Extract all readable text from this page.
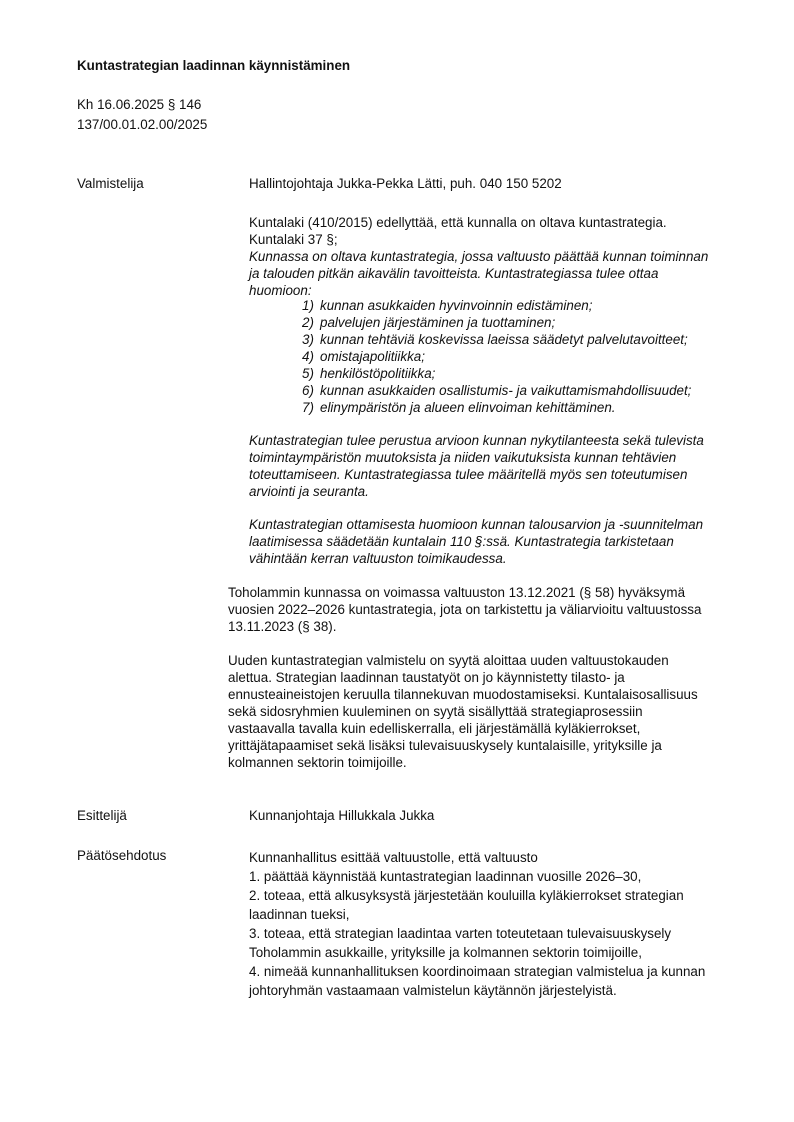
Kuntastrategian laadinnan käynnistäminen
Kh 16.06.2025 § 146
137/00.01.02.00/2025
Valmistelija	Hallintojohtaja Jukka-Pekka Lätti, puh. 040 150 5202
Kuntalaki (410/2015) edellyttää, että kunnalla on oltava kuntastrategia.
Kuntalaki 37 §;
Kunnassa on oltava kuntastrategia, jossa valtuusto päättää kunnan toiminnan
ja talouden pitkän aikavälin tavoitteista. Kuntastrategiassa tulee ottaa
huomioon:
1) kunnan asukkaiden hyvinvoinnin edistäminen;
2) palvelujen järjestäminen ja tuottaminen;
3) kunnan tehtäviä koskevissa laeissa säädetyt palvelutavoitteet;
4) omistajapolitiikka;
5) henkilöstöpolitiikka;
6) kunnan asukkaiden osallistumis- ja vaikuttamismahdollisuudet;
7) elinympäristön ja alueen elinvoiman kehittäminen.
Kuntastrategian tulee perustua arvioon kunnan nykytilanteesta sekä tulevista
toimintaympäristön muutoksista ja niiden vaikutuksista kunnan tehtävien
toteuttamiseen. Kuntastrategiassa tulee määritellä myös sen toteutumisen
arviointi ja seuranta.
Kuntastrategian ottamisesta huomioon kunnan talousarvion ja -suunnitelman
laatimisessa säädetään kuntalain 110 §:ssä. Kuntastrategia tarkistetaan
vähintään kerran valtuuston toimikaudessa.
Toholammin kunnassa on voimassa valtuuston 13.12.2021 (§ 58) hyväksymä
vuosien 2022–2026 kuntastrategia, jota on tarkistettu ja väliarvioitu valtuustossa
13.11.2023 (§ 38).
Uuden kuntastrategian valmistelu on syytä aloittaa uuden valtuustokauden
alettua. Strategian laadinnan taustatyöt on jo käynnistetty tilasto- ja
ennusteaineistojen keruulla tilannekuvan muodostamiseksi. Kuntalaisosallisuus
sekä sidosryhmien kuuleminen on syytä sisällyttää strategiaprosessiin
vastaavalla tavalla kuin edelliskerralla, eli järjestämällä kyläkierrokset,
yrittäjätapaamiset sekä lisäksi tulevaisuuskysely kuntalaisille, yrityksille ja
kolmannen sektorin toimijoille.
Esittelijä	Kunnanjohtaja Hillukkala Jukka
Päätösehdotus	Kunnanhallitus esittää valtuustolle, että valtuusto
1. päättää käynnistää kuntastrategian laadinnan vuosille 2026–30,
2. toteaa, että alkusyksystä järjestetään kouluilla kyläkierrokset strategian
laadinnan tueksi,
3. toteaa, että strategian laadintaa varten toteutetaan tulevaisuuskysely
Toholammin asukkaille, yrityksille ja kolmannen sektorin toimijoille,
4. nimeää kunnanhallituksen koordinoimaan strategian valmistelua ja kunnan
johtoryhmän vastaamaan valmistelun käytännön järjestelyistä.
